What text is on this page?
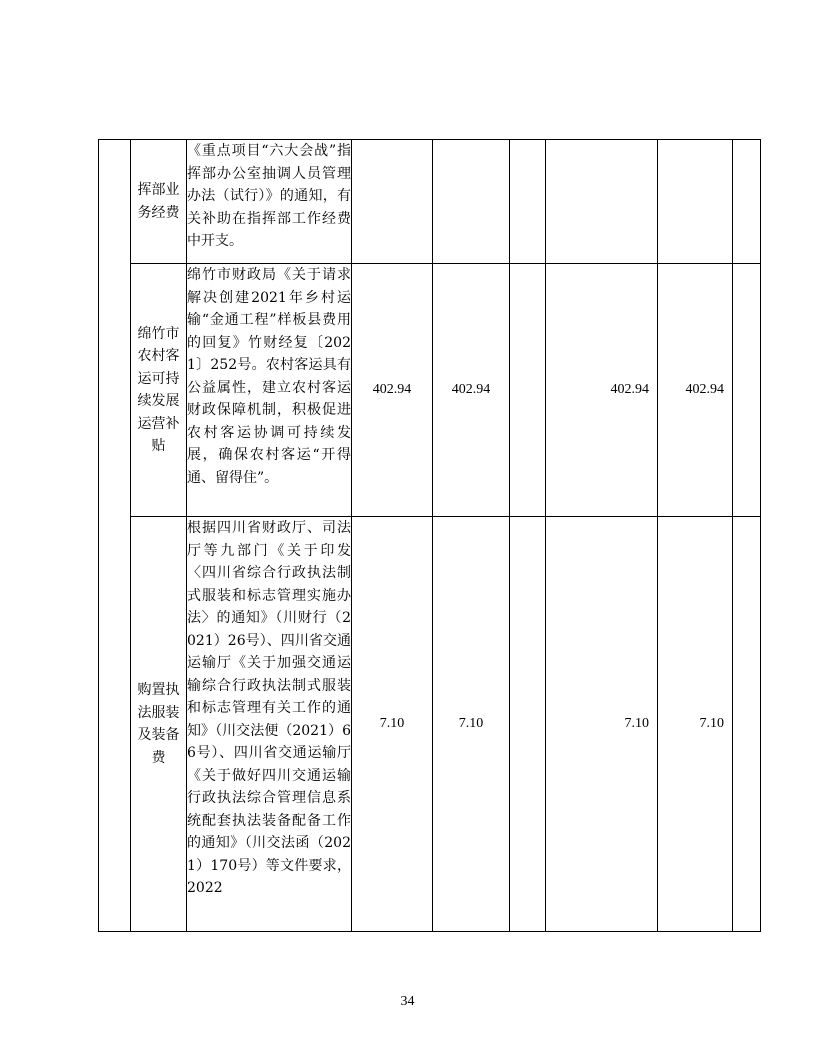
	挥部业务经费	《重点项目“六大会战”指挥部办公室抽调人员管理办法（试行）》的通知，有关补助在指挥部工作经费中开支。						
	绵竹市农村客运可持续发展运营补贴	绵竹市财政局《关于请求解决创建2021年乡村运输“金通工程”样板县费用的回复》竹财经复〔2021〕252号。农村客运具有公益属性，建立农村客运财政保障机制，积极促进农村客运协调可持续发展，确保农村客运“开得通、留得住”。	402.94	402.94		402.94	402.94	
	购置执法服装及装备费	根据四川省财政厅、司法厅等九部门《关于印发〈四川省综合行政执法制式服装和标志管理实施办法〉的通知》（川财行（2021）26号）、四川省交通运输厅《关于加强交通运输综合行政执法制式服装和标志管理有关工作的通知》（川交法便（2021）66号）、四川省交通运输厅《关于做好四川交通运输行政执法综合管理信息系统配套执法装备配备工作的通知》（川交法函（2021）170号）等文件要求，2022	7.10	7.10		7.10	7.10	
34
